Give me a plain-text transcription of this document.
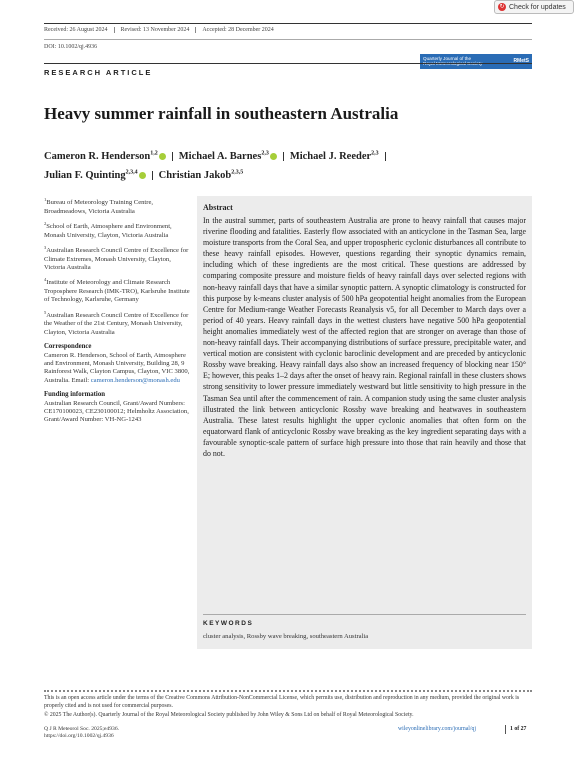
↻ Check for updates
Received: 26 August 2024	Revised: 13 November 2024	Accepted: 28 December 2024
DOI: 10.1002/qj.4936
Quarterly Journal of the
Royal Meteorological Society	RMetS
RESEARCH ARTICLE
Heavy summer rainfall in southeastern Australia
Cameron R. Henderson$^{1,2}$ Michael A. Barnes$^{2,3}$ Michael J. Reeder$^{2,3}$
Julian F. Quinting$^{2,3,4}$ Christian Jakob$^{2,3,5}$
$^1$Bureau of Meteorology Training Centre, Broadmeadows, Victoria Australia
$^2$School of Earth, Atmosphere and Environment, Monash University, Clayton, Victoria Australia
$^3$Australian Research Council Centre of Excellence for Climate Extremes, Monash University, Clayton, Victoria Australia
$^4$Institute of Meteorology and Climate Research Troposphere Research (IMK-TRO), Karlsruhe Institute of Technology, Karlsruhe, Germany
$^5$Australian Research Council Centre of Excellence for the Weather of the 21st Century, Monash University, Clayton, Victoria Australia
Correspondence
Cameron R. Henderson, School of Earth, Atmosphere and Environment, Monash University, Building 28, 9 Rainforest Walk, Clayton Campus, Clayton, VIC 3800, Australia. Email: cameron.henderson@monash.edu
Funding information
Australian Research Council, Grant/Award Numbers: CE170100023, CE230100012; Helmholtz Association, Grant/Award Number: VH-NG-1243
Abstract
In the austral summer, parts of southeastern Australia are prone to heavy rainfall that causes major riverine flooding and fatalities. Easterly flow associated with an anticyclone in the Tasman Sea, large moisture transports from the Coral Sea, and upper tropospheric cyclonic disturbances all contribute to these heavy rainfall episodes. However, questions regarding their synoptic dynamics remain, including which of these ingredients are the most critical. These questions are addressed by comparing composite pressure and moisture fields of heavy rainfall days over selected regions with non-heavy rainfall days that have a similar synoptic pattern. A synoptic climatology is constructed for this purpose by k-means cluster analysis of 500 hPa geopotential height anomalies from the European Centre for Medium-range Weather Forecasts Reanalysis v5, for all December to March days over a period of 40 years. Heavy rainfall days in the wettest clusters have negative 500 hPa geopotential height anomalies immediately west of the affected region that are stronger on average than those of non-heavy rainfall days. Their accompanying distributions of surface pressure, precipitable water, and vertical motion are consistent with cyclonic baroclinic development and are preceded by anticyclonic Rossby wave breaking. Heavy rainfall days also show an increased frequency of blocking near 150° E; however, this peaks 1–2 days after the onset of heavy rain. Regional rainfall in these clusters shows strong sensitivity to lower pressure immediately westward but little sensitivity to high pressure in the Tasman Sea until after the commencement of rain. A companion study using the same cluster analysis illustrated the link between anticyclonic Rossby wave breaking and heatwaves in southeastern Australia. These latest results highlight the upper cyclonic anomalies that often form on the equatorward flank of anticyclonic Rossby wave breaking as the key ingredient separating days with a favourable synoptic-scale pattern of surface high pressure into those that rain heavily and those that do not.
KEYWORDS
cluster analysis, Rossby wave breaking, southeastern Australia
This is an open access article under the terms of the Creative Commons Attribution-NonCommercial License, which permits use, distribution and reproduction in any medium, provided the original work is properly cited and is not used for commercial purposes.
© 2025 The Author(s). Quarterly Journal of the Royal Meteorological Society published by John Wiley & Sons Ltd on behalf of Royal Meteorological Society.
Q J R Meteorol Soc. 2025;e4936.
https://doi.org/10.1002/qj.4936
wileyonlinelibrary.com/journal/qj	1 of 27
